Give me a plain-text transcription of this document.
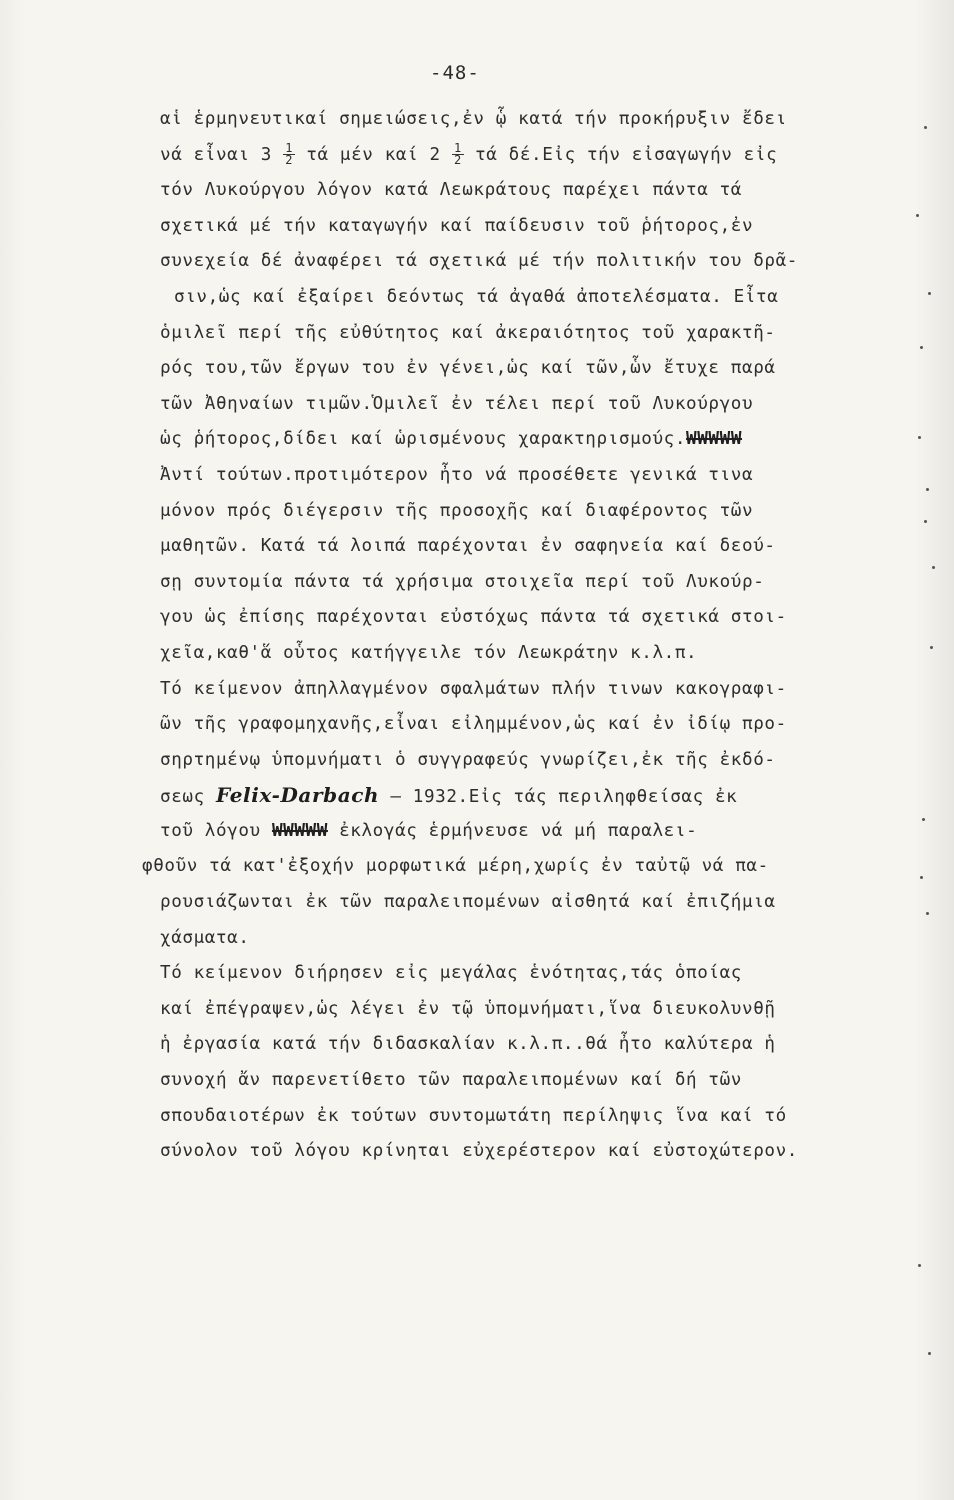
-48-
αἱ ἑρμηνευτικαί σημειώσεις,ἐν ᾧ κατά τήν προκήρυξιν ἔδει
νά εἶναι $3 \frac{1}{2}$ τά μέν καί $2 \frac{1}{2}$ τά δέ.Εἰς τήν εἰσαγωγήν εἰς
τόν Λυκούργου λόγον κατά Λεωκράτους παρέχει πάντα τά
σχετικά μέ τήν καταγωγήν καί παίδευσιν τοῦ ῥήτορος,ἐν
συνεχεία δέ ἀναφέρει τά σχετικά μέ τήν πολιτικήν του δρᾶ-
σιν,ὡς καί ἐξαίρει δεόντως τά ἀγαθά ἀποτελέσματα. Εἶτα
ὁμιλεῖ περί τῆς εὐθύτητος καί ἀκεραιότητος τοῦ χαρακτῆ-
ρός του,τῶν ἔργων του ἐν γένει,ὡς καί τῶν,ὧν ἔτυχε παρά
τῶν Ἀθηναίων τιμῶν.Ὁμιλεῖ ἐν τέλει περί τοῦ Λυκούργου
ὡς ῥήτορος,δίδει καί ὡρισμένους χαρακτηρισμούς.WWWWW
Ἀντί τούτων.προτιμότερον ἦτο νά προσέθετε γενικά τινα
μόνον πρός διέγερσιν τῆς προσοχῆς καί διαφέροντος τῶν
μαθητῶν. Κατά τά λοιπά παρέχονται ἐν σαφηνεία καί δεού-
σῃ συντομία πάντα τά χρήσιμα στοιχεῖα περί τοῦ Λυκούρ-
γου ὡς ἐπίσης παρέχονται εὐστόχως πάντα τά σχετικά στοι-
χεῖα,καθ'ἅ οὗτος κατήγγειλε τόν Λεωκράτην κ.λ.π.
Τό κείμενον ἀπηλλαγμένον σφαλμάτων πλήν τινων κακογραφι-
ῶν τῆς γραφομηχανῆς,εἶναι εἰλημμένον,ὡς καί ἐν ἰδίῳ προ-
σηρτημένῳ ὑπομνήματι ὁ συγγραφεύς γνωρίζει,ἐκ τῆς ἐκδό-
σεως Felix-Darbach — 1932.Εἰς τάς περιληφθείσας ἐκ
τοῦ λόγου WWWWW ἐκλογάς ἑρμήνευσε νά μή παραλει-
φθοῦν τά κατ'ἐξοχήν μορφωτικά μέρη,χωρίς ἐν ταὐτῷ νά πα-
ρουσιάζωνται ἐκ τῶν παραλειπομένων αἰσθητά καί ἐπιζήμια
χάσματα.
Τό κείμενον διήρησεν εἰς μεγάλας ἑνότητας,τάς ὁποίας
καί ἐπέγραψεν,ὡς λέγει ἐν τῷ ὑπομνήματι,ἵνα διευκολυνθῇ
ἡ ἐργασία κατά τήν διδασκαλίαν κ.λ.π..θά ἦτο καλύτερα ἡ
συνοχή ἄν παρενετίθετο τῶν παραλειπομένων καί δή τῶν
σπουδαιοτέρων ἐκ τούτων συντομωτάτη περίληψις ἵνα καί τό
σύνολον τοῦ λόγου κρίνηται εὐχερέστερον καί εὐστοχώτερον.
